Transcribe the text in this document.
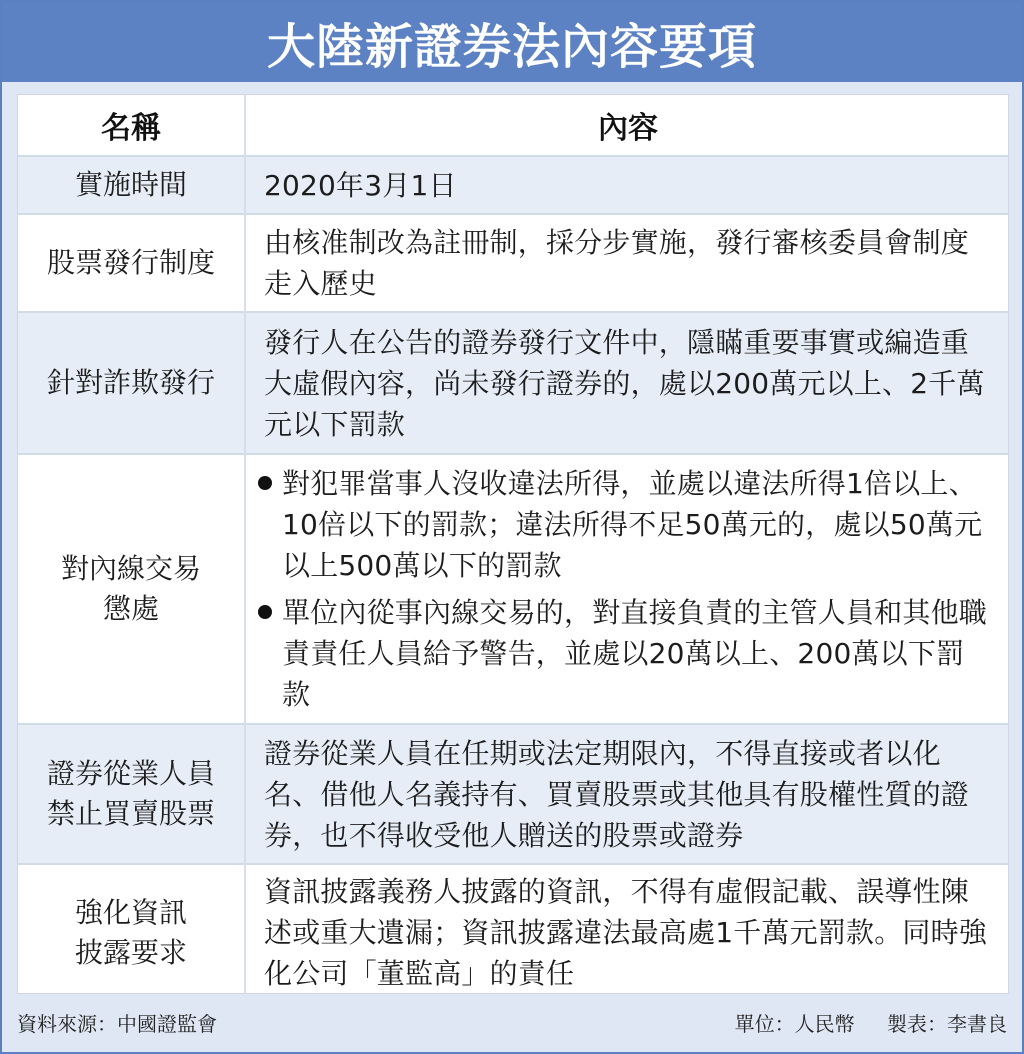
大陸新證券法內容要項
名稱	內容
實施時間	2020年3月1日
股票發行制度	由核准制改為註冊制，採分步實施，發行審核委員會制度走入歷史
針對詐欺發行	發行人在公告的證券發行文件中，隱瞞重要事實或編造重大虛假內容，尚未發行證券的，處以200萬元以上、2千萬元以下罰款
對內線交易懲處	對犯罪當事人沒收違法所得，並處以違法所得1倍以上、10倍以下的罰款；違法所得不足50萬元的，處以50萬元以上500萬以下的罰款
單位內從事內線交易的，對直接負責的主管人員和其他職責責任人員給予警告，並處以20萬以上、200萬以下罰款

證券從業人員禁止買賣股票	證券從業人員在任期或法定期限內，不得直接或者以化名、借他人名義持有、買賣股票或其他具有股權性質的證券，也不得收受他人贈送的股票或證券
強化資訊披露要求	資訊披露義務人披露的資訊，不得有虛假記載、誤導性陳述或重大遺漏；資訊披露違法最高處1千萬元罰款。同時強化公司「董監高」的責任
資料來源：中國證監會	單位：人民幣 製表：李書良
